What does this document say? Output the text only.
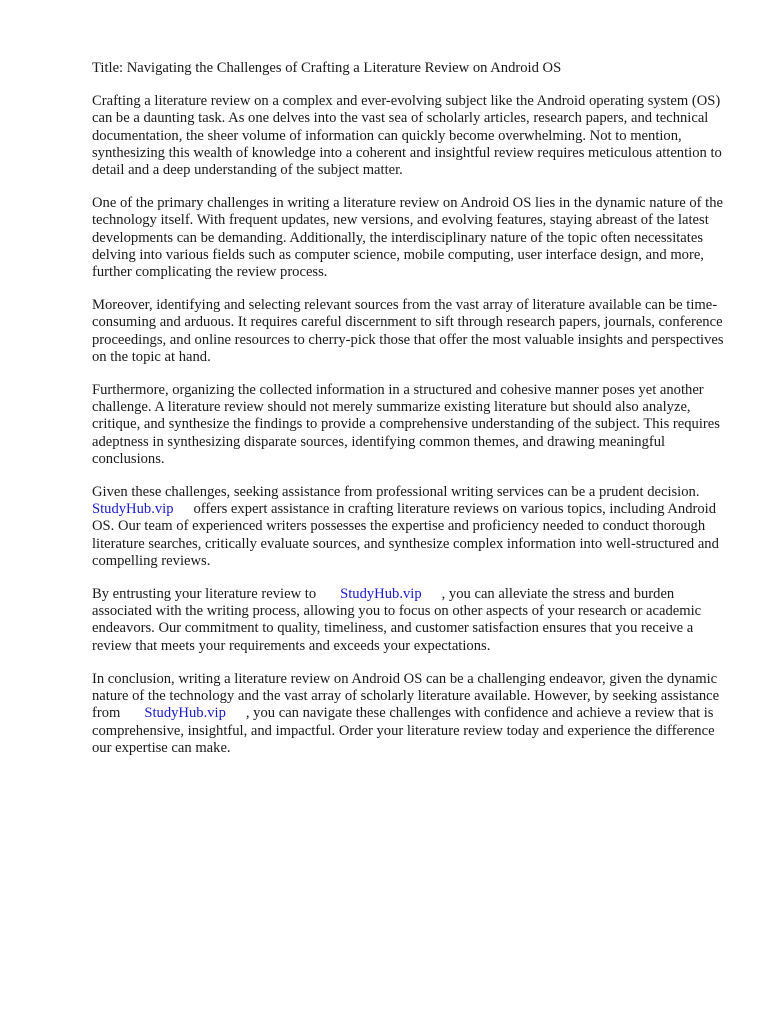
Title: Navigating the Challenges of Crafting a Literature Review on Android OS

Crafting a literature review on a complex and ever-evolving subject like the Android operating system (OS) can be a daunting task. As one delves into the vast sea of scholarly articles, research papers, and technical documentation, the sheer volume of information can quickly become overwhelming. Not to mention, synthesizing this wealth of knowledge into a coherent and insightful review requires meticulous attention to detail and a deep understanding of the subject matter.

One of the primary challenges in writing a literature review on Android OS lies in the dynamic nature of the technology itself. With frequent updates, new versions, and evolving features, staying abreast of the latest developments can be demanding. Additionally, the interdisciplinary nature of the topic often necessitates delving into various fields such as computer science, mobile computing, user interface design, and more, further complicating the review process.

Moreover, identifying and selecting relevant sources from the vast array of literature available can be time-consuming and arduous. It requires careful discernment to sift through research papers, journals, conference proceedings, and online resources to cherry-pick those that offer the most valuable insights and perspectives on the topic at hand.

Furthermore, organizing the collected information in a structured and cohesive manner poses yet another challenge. A literature review should not merely summarize existing literature but should also analyze, critique, and synthesize the findings to provide a comprehensive understanding of the subject. This requires adeptness in synthesizing disparate sources, identifying common themes, and drawing meaningful conclusions.

Given these challenges, seeking assistance from professional writing services can be a prudent decision.StudyHub.vip offers expert assistance in crafting literature reviews on various topics, including Android OS. Our team of experienced writers possesses the expertise and proficiency needed to conduct thorough literature searches, critically evaluate sources, and synthesize complex information into well-structured and compelling reviews.

By entrusting your literature review to StudyHub.vip , you can alleviate the stress and burden associated with the writing process, allowing you to focus on other aspects of your research or academic endeavors. Our commitment to quality, timeliness, and customer satisfaction ensures that you receive a review that meets your requirements and exceeds your expectations.

In conclusion, writing a literature review on Android OS can be a challenging endeavor, given the dynamic nature of the technology and the vast array of scholarly literature available. However, by seeking assistance from StudyHub.vip , you can navigate these challenges with confidence and achieve a review that is comprehensive, insightful, and impactful. Order your literature review today and experience the difference our expertise can make.
